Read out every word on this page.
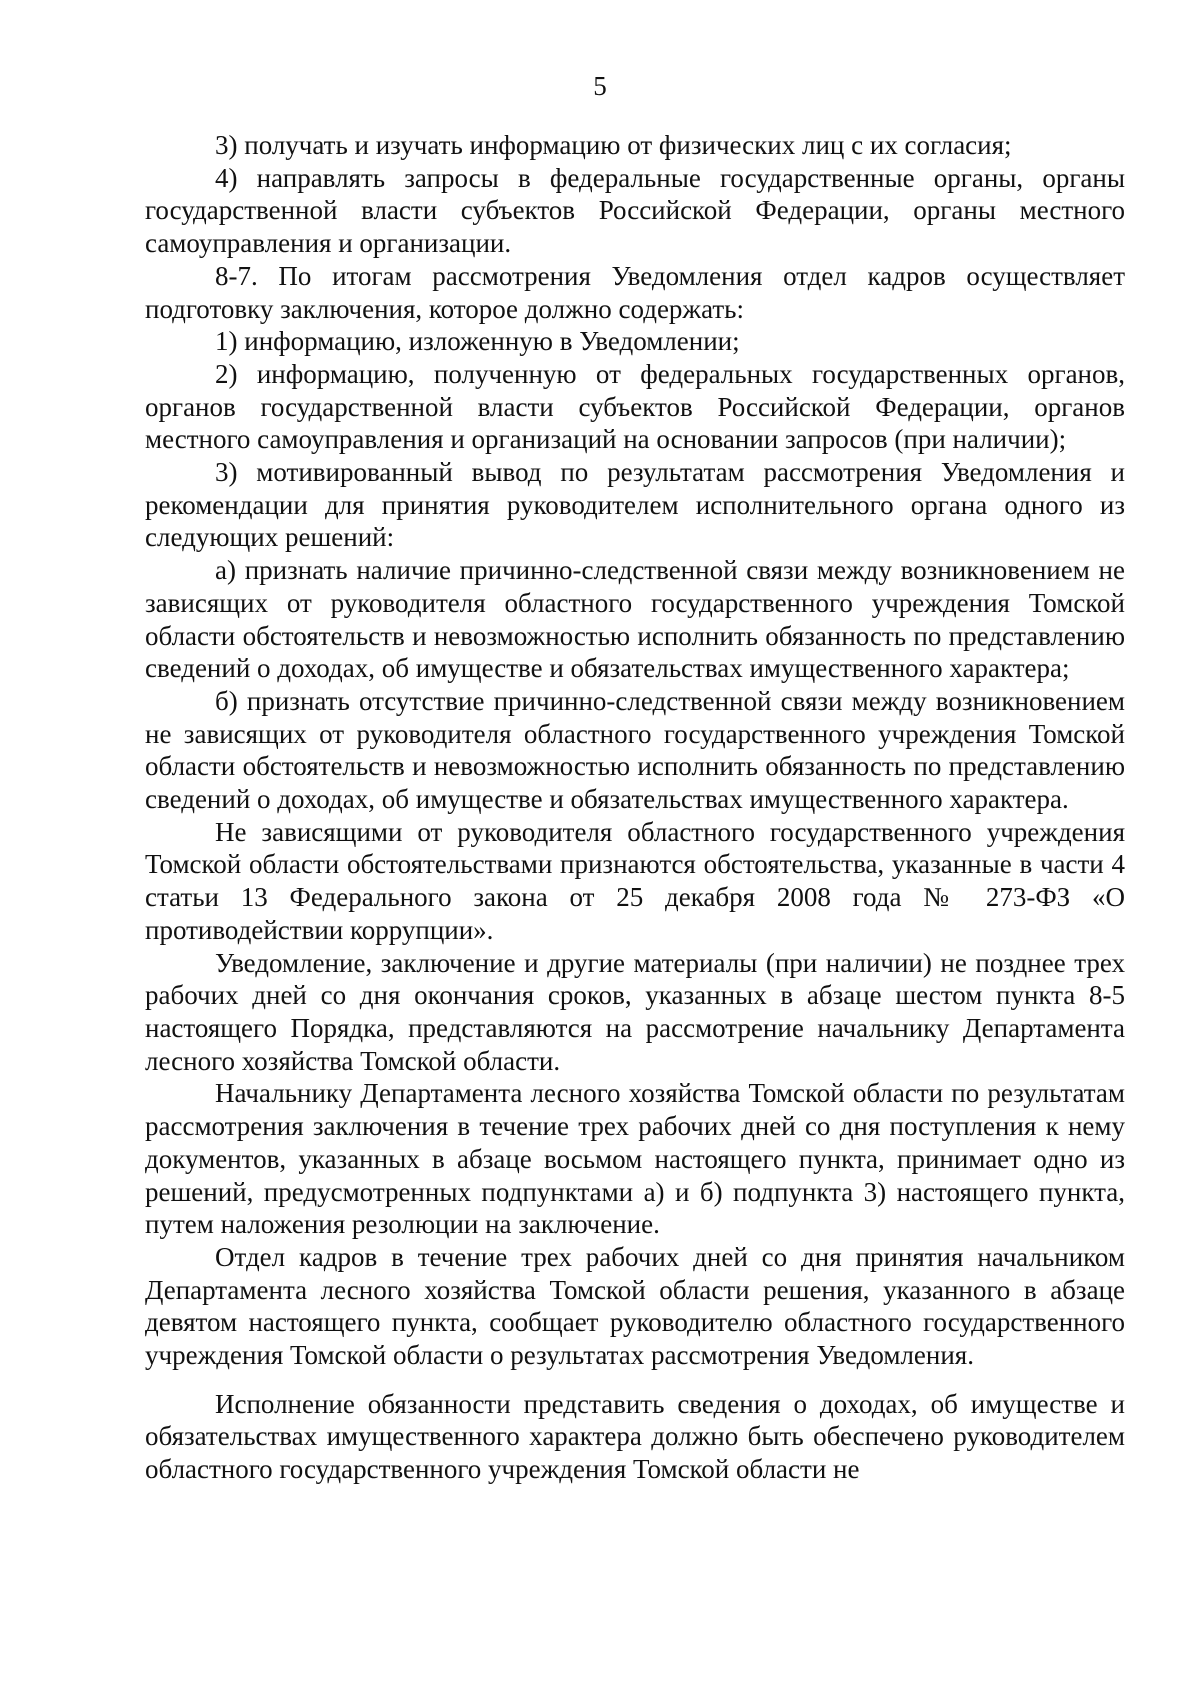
5

3) получать и изучать информацию от физических лиц с их согласия;

4) направлять запросы в федеральные государственные органы, органы государственной власти субъектов Российской Федерации, органы местного самоуправления и организации.

8-7. По итогам рассмотрения Уведомления отдел кадров осуществляет подготовку заключения, которое должно содержать:

1) информацию, изложенную в Уведомлении;

2) информацию, полученную от федеральных государственных органов, органов государственной власти субъектов Российской Федерации, органов местного самоуправления и организаций на основании запросов (при наличии);

3) мотивированный вывод по результатам рассмотрения Уведомления и рекомендации для принятия руководителем исполнительного органа одного из следующих решений:

а) признать наличие причинно-следственной связи между возникновением не зависящих от руководителя областного государственного учреждения Томской области обстоятельств и невозможностью исполнить обязанность по представлению сведений о доходах, об имуществе и обязательствах имущественного характера;

б) признать отсутствие причинно-следственной связи между возникновением не зависящих от руководителя областного государственного учреждения Томской области обстоятельств и невозможностью исполнить обязанность по представлению сведений о доходах, об имуществе и обязательствах имущественного характера.

Не зависящими от руководителя областного государственного учреждения Томской области обстоятельствами признаются обстоятельства, указанные в части 4 статьи 13 Федерального закона от 25 декабря 2008 года № 273-ФЗ «О противодействии коррупции».

Уведомление, заключение и другие материалы (при наличии) не позднее трех рабочих дней со дня окончания сроков, указанных в абзаце шестом пункта 8-5 настоящего Порядка, представляются на рассмотрение начальнику Департамента лесного хозяйства Томской области.

Начальнику Департамента лесного хозяйства Томской области по результатам рассмотрения заключения в течение трех рабочих дней со дня поступления к нему документов, указанных в абзаце восьмом настоящего пункта, принимает одно из решений, предусмотренных подпунктами а) и б) подпункта 3) настоящего пункта, путем наложения резолюции на заключение.

Отдел кадров в течение трех рабочих дней со дня принятия начальником Департамента лесного хозяйства Томской области решения, указанного в абзаце девятом настоящего пункта, сообщает руководителю областного государственного учреждения Томской области о результатах рассмотрения Уведомления.

Исполнение обязанности представить сведения о доходах, об имуществе и обязательствах имущественного характера должно быть обеспечено руководителем областного государственного учреждения Томской области не
